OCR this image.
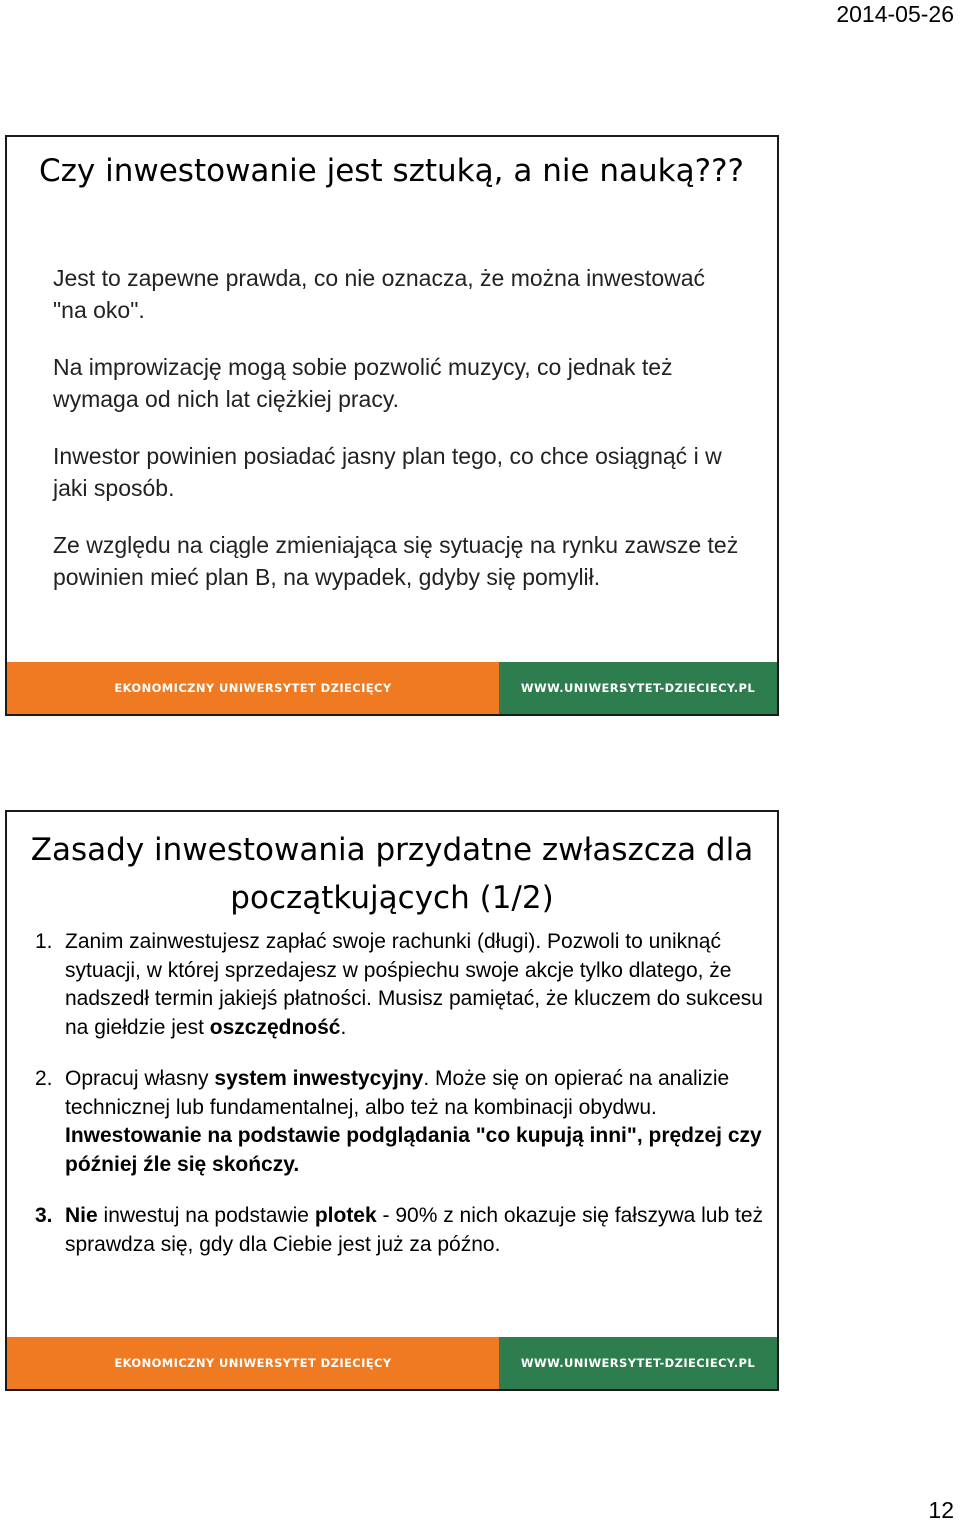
2014-05-26
Czy inwestowanie jest sztuką, a nie nauką???

Jest to zapewne prawda, co nie oznacza, że można inwestować "na oko".

Na improwizację mogą sobie pozwolić muzycy, co jednak też wymaga od nich lat ciężkiej pracy.

Inwestor powinien posiadać jasny plan tego, co chce osiągnąć i w jaki sposób.

Ze względu na ciągle zmieniająca się sytuację na rynku zawsze też powinien mieć plan B, na wypadek, gdyby się pomylił.

EKONOMICZNY UNIWERSYTET DZIECIĘCY	WWW.UNIWERSYTET-DZIECIECY.PL
Zasady inwestowania przydatne zwłaszcza dla początkujących (1/2)

1. Zanim zainwestujesz zapłać swoje rachunki (długi). Pozwoli to uniknąć sytuacji, w której sprzedajesz w pośpiechu swoje akcje tylko dlatego, że nadszedł termin jakiejś płatności. Musisz pamiętać, że kluczem do sukcesu na giełdzie jest oszczędność.

2. Opracuj własny system inwestycyjny. Może się on opierać na analizie technicznej lub fundamentalnej, albo też na kombinacji obydwu. Inwestowanie na podstawie podglądania "co kupują inni", prędzej czy później źle się skończy.

3. Nie inwestuj na podstawie plotek - 90% z nich okazuje się fałszywa lub też sprawdza się, gdy dla Ciebie jest już za późno.

EKONOMICZNY UNIWERSYTET DZIECIĘCY	WWW.UNIWERSYTET-DZIECIECY.PL
12
